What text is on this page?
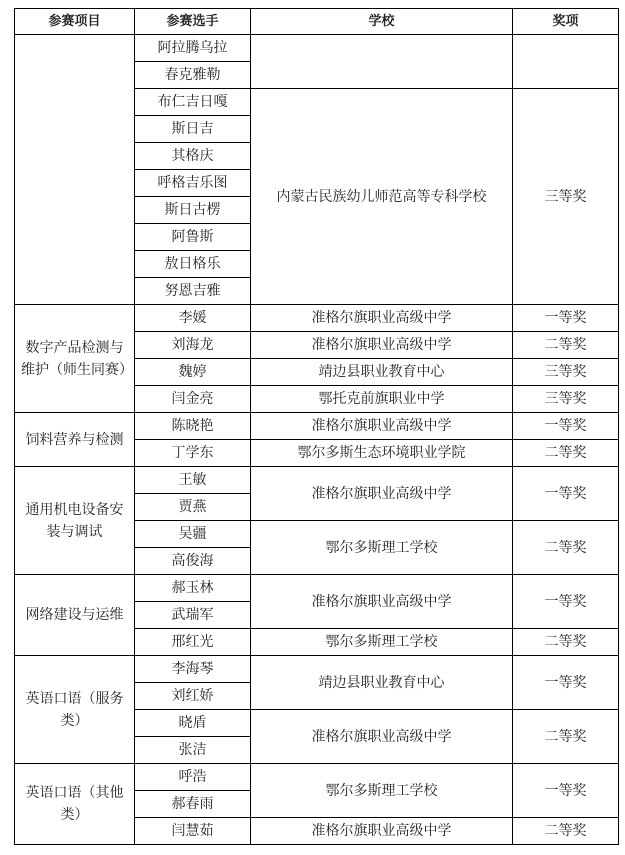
参赛项目	参赛选手	学校	奖项
	阿拉腾乌拉		
	春克雅勒		
	布仁吉日嘎	内蒙古民族幼儿师范高等专科学校	三等奖
	斯日吉		
	其格庆		
	呼格吉乐图		
	斯日古楞		
	阿鲁斯		
	敖日格乐		
	努恩吉雅		
数字产品检测与维护（师生同赛）	李媛	准格尔旗职业高级中学	一等奖
	刘海龙	准格尔旗职业高级中学	二等奖
	魏婷	靖边县职业教育中心	三等奖
	闫金亮	鄂托克前旗职业中学	三等奖
饲料营养与检测	陈晓艳	准格尔旗职业高级中学	一等奖
	丁学东	鄂尔多斯生态环境职业学院	二等奖
通用机电设备安装与调试	王敏	准格尔旗职业高级中学	一等奖
	贾燕		
	吴疆	鄂尔多斯理工学校	二等奖
	高俊海		
网络建设与运维	郝玉林	准格尔旗职业高级中学	一等奖
	武瑞军		
	邢红光	鄂尔多斯理工学校	二等奖
英语口语（服务类）	李海琴	靖边县职业教育中心	一等奖
	刘红娇		
	晓盾	准格尔旗职业高级中学	二等奖
	张洁		
英语口语（其他类）	呼浩	鄂尔多斯理工学校	一等奖
	郝春雨		
	闫慧茹	准格尔旗职业高级中学	二等奖
